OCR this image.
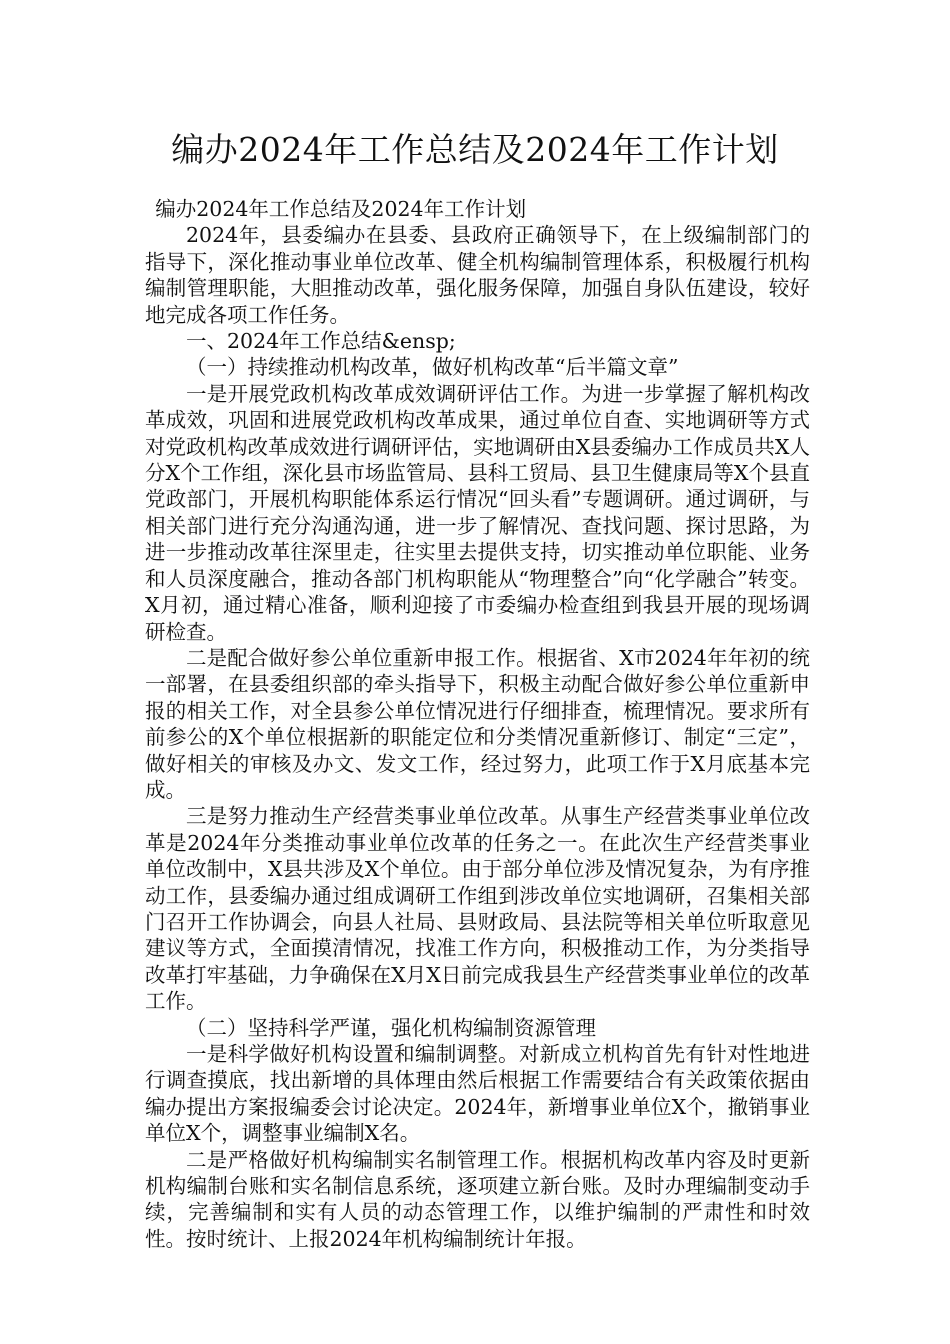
编办2024年工作总结及2024年工作计划

编办2024年工作总结及2024年工作计划

2024年，县委编办在县委、县政府正确领导下，在上级编制部门的指导下，深化推动事业单位改革、健全机构编制管理体系，积极履行机构编制管理职能，大胆推动改革，强化服务保障，加强自身队伍建设，较好地完成各项工作任务。

一、2024年工作总结&ensp;

（一）持续推动机构改革，做好机构改革“后半篇文章”

一是开展党政机构改革成效调研评估工作。为进一步掌握了解机构改革成效，巩固和进展党政机构改革成果，通过单位自查、实地调研等方式对党政机构改革成效进行调研评估，实地调研由X县委编办工作成员共X人分X个工作组，深化县市场监管局、县科工贸局、县卫生健康局等X个县直党政部门，开展机构职能体系运行情况“回头看”专题调研。通过调研，与相关部门进行充分沟通沟通，进一步了解情况、查找问题、探讨思路，为进一步推动改革往深里走，往实里去提供支持，切实推动单位职能、业务和人员深度融合，推动各部门机构职能从“物理整合”向“化学融合”转变。X月初，通过精心准备，顺利迎接了市委编办检查组到我县开展的现场调研检查。

二是配合做好参公单位重新申报工作。根据省、X市2024年年初的统一部署，在县委组织部的牵头指导下，积极主动配合做好参公单位重新申报的相关工作，对全县参公单位情况进行仔细排查，梳理情况。要求所有前参公的X个单位根据新的职能定位和分类情况重新修订、制定“三定”，做好相关的审核及办文、发文工作，经过努力，此项工作于X月底基本完成。

三是努力推动生产经营类事业单位改革。从事生产经营类事业单位改革是2024年分类推动事业单位改革的任务之一。在此次生产经营类事业单位改制中，X县共涉及X个单位。由于部分单位涉及情况复杂，为有序推动工作，县委编办通过组成调研工作组到涉改单位实地调研，召集相关部门召开工作协调会，向县人社局、县财政局、县法院等相关单位听取意见建议等方式，全面摸清情况，找准工作方向，积极推动工作，为分类指导改革打牢基础，力争确保在X月X日前完成我县生产经营类事业单位的改革工作。

（二）坚持科学严谨，强化机构编制资源管理

一是科学做好机构设置和编制调整。对新成立机构首先有针对性地进行调查摸底，找出新增的具体理由然后根据工作需要结合有关政策依据由编办提出方案报编委会讨论决定。2024年，新增事业单位X个，撤销事业单位X个，调整事业编制X名。

二是严格做好机构编制实名制管理工作。根据机构改革内容及时更新机构编制台账和实名制信息系统，逐项建立新台账。及时办理编制变动手续，完善编制和实有人员的动态管理工作，以维护编制的严肃性和时效性。按时统计、上报2024年机构编制统计年报。
